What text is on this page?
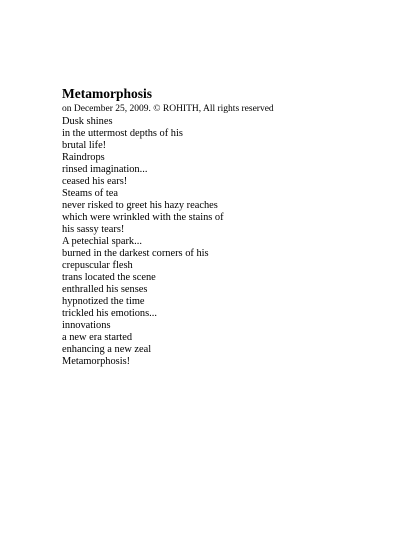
Metamorphosis
on December 25, 2009. © ROHITH, All rights reserved
Dusk shines
in the uttermost depths of his
brutal life!
Raindrops
rinsed imagination...
ceased his ears!
Steams of tea
never risked to greet his hazy reaches
which were wrinkled with the stains of
his sassy tears!
A petechial spark...
burned in the darkest corners of his
crepuscular flesh
trans located the scene
enthralled his senses
hypnotized the time
trickled his emotions...
innovations
a new era started
enhancing a new zeal
Metamorphosis!
